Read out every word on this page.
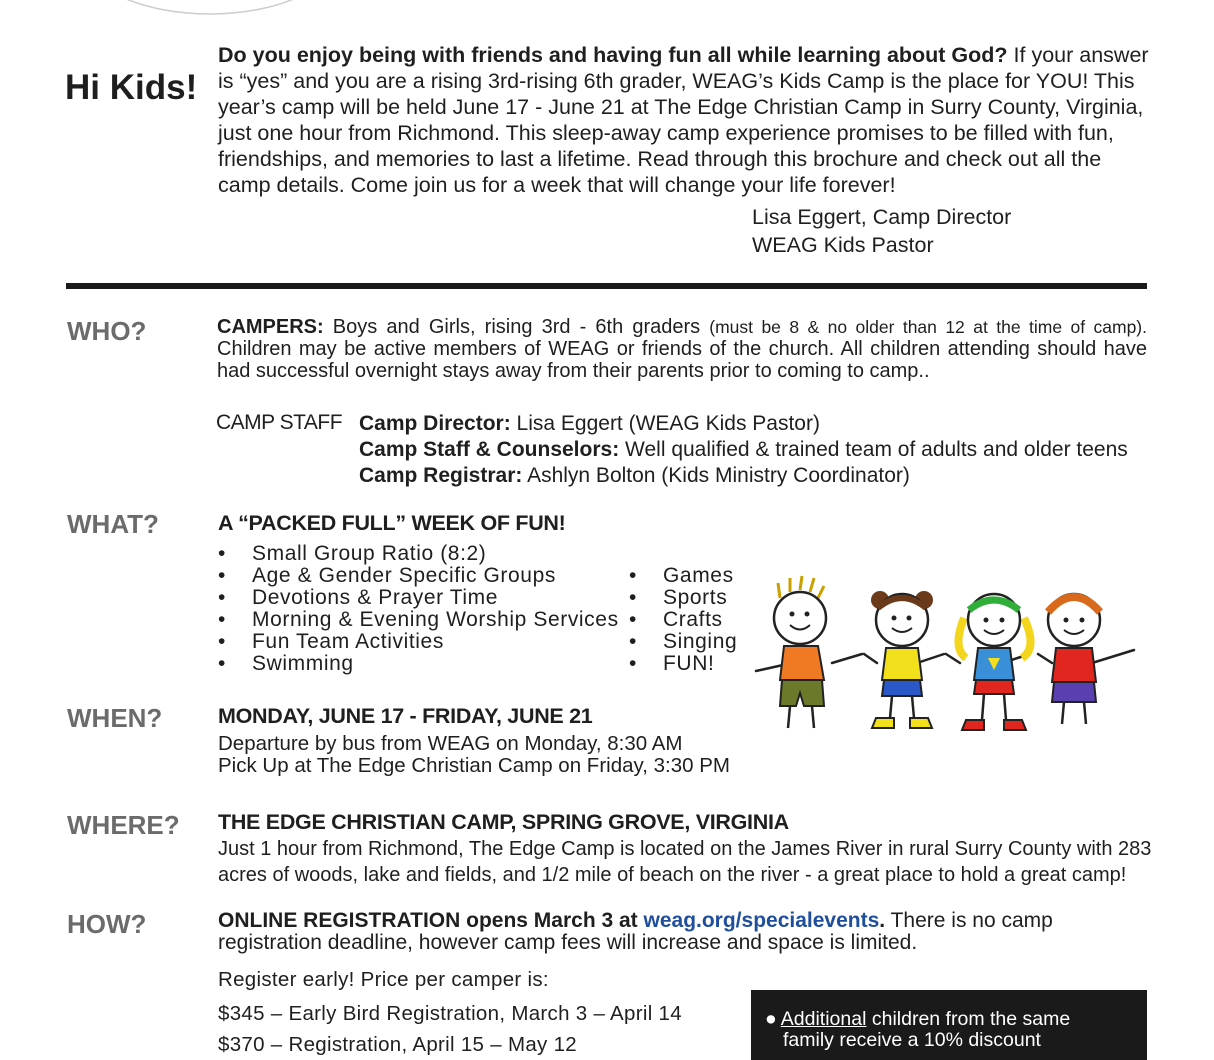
Hi Kids!
Do you enjoy being with friends and having fun all while learning about God? If your answer is “yes” and you are a rising 3rd-rising 6th grader, WEAG’s Kids Camp is the place for YOU! This year’s camp will be held June 17 - June 21 at The Edge Christian Camp in Surry County, Virginia, just one hour from Richmond. This sleep-away camp experience promises to be filled with fun, friendships, and memories to last a lifetime. Read through this brochure and check out all the camp details. Come join us for a week that will change your life forever!
Lisa Eggert, Camp Director
WEAG Kids Pastor
WHO?	CAMPERS: Boys and Girls, rising 3rd - 6th graders (must be 8 & no older than 12 at the time of camp). Children may be active members of WEAG or friends of the church. All children attending should have had successful overnight stays away from their parents prior to coming to camp..
CAMP STAFF Camp Director: Lisa Eggert (WEAG Kids Pastor)
Camp Staff & Counselors: Well qualified & trained team of adults and older teens
Camp Registrar: Ashlyn Bolton (Kids Ministry Coordinator)
WHAT?	A “PACKED FULL” WEEK OF FUN!
• Small Group Ratio (8:2)
• Age & Gender Specific Groups
• Devotions & Prayer Time
• Morning & Evening Worship Services
• Fun Team Activities
• Swimming
• Games
• Sports
• Crafts
• Singing
• FUN!
WHEN?	MONDAY, JUNE 17 - FRIDAY, JUNE 21
Departure by bus from WEAG on Monday, 8:30 AM
Pick Up at The Edge Christian Camp on Friday, 3:30 PM
WHERE? THE EDGE CHRISTIAN CAMP, SPRING GROVE, VIRGINIA
Just 1 hour from Richmond, The Edge Camp is located on the James River in rural Surry County with 283 acres of woods, lake and fields, and 1/2 mile of beach on the river - a great place to hold a great camp!
HOW?	ONLINE REGISTRATION opens March 3 at weag.org/specialevents. There is no camp registration deadline, however camp fees will increase and space is limited.
Register early! Price per camper is:
$345 – Early Bird Registration, March 3 – April 14
$370 – Registration, April 15 – May 12
● Additional children from the same
family receive a 10% discount
